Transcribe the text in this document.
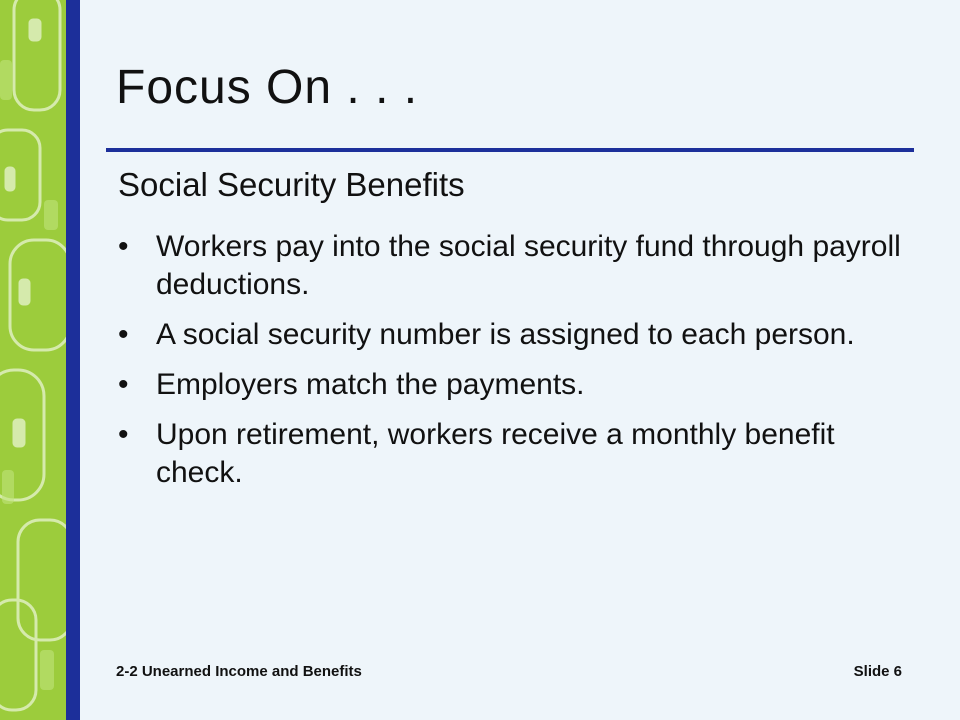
Focus On . . .
Social Security Benefits
• Workers pay into the social security fund through payroll deductions.
• A social security number is assigned to each person.
• Employers match the payments.
• Upon retirement, workers receive a monthly benefit check.
2-2 Unearned Income and Benefits	Slide 6
